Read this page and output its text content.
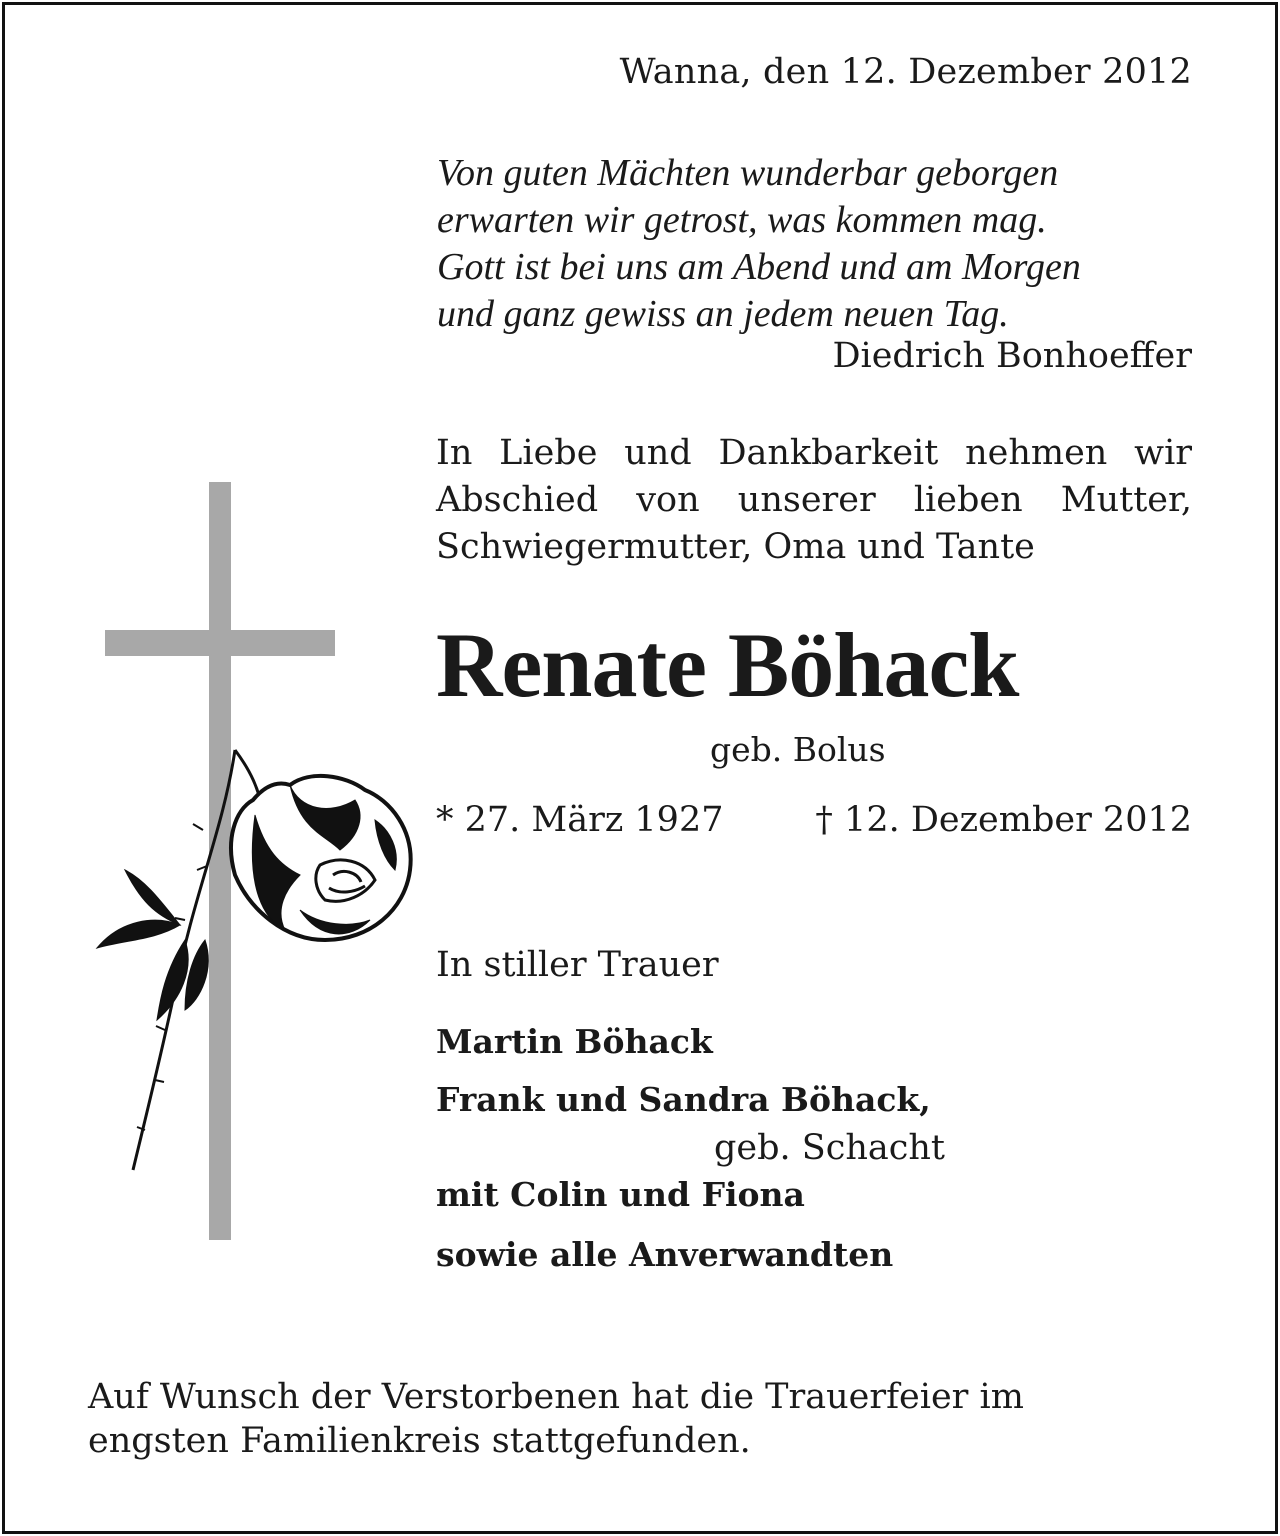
Wanna, den 12. Dezember 2012
Von guten Mächten wunderbar geborgen
erwarten wir getrost, was kommen mag.
Gott ist bei uns am Abend und am Morgen
und ganz gewiss an jedem neuen Tag.
Diedrich Bonhoeffer
In Liebe und Dankbarkeit nehmen wir
Abschied von unserer lieben Mutter,
Schwiegermutter, Oma und Tante
Renate Böhack
geb. Bolus
* 27. März 1927	† 12. Dezember 2012
In stiller Trauer
Martin Böhack
Frank und Sandra Böhack,
geb. Schacht
mit Colin und Fiona
sowie alle Anverwandten
Auf Wunsch der Verstorbenen hat die Trauerfeier im
engsten Familienkreis stattgefunden.
